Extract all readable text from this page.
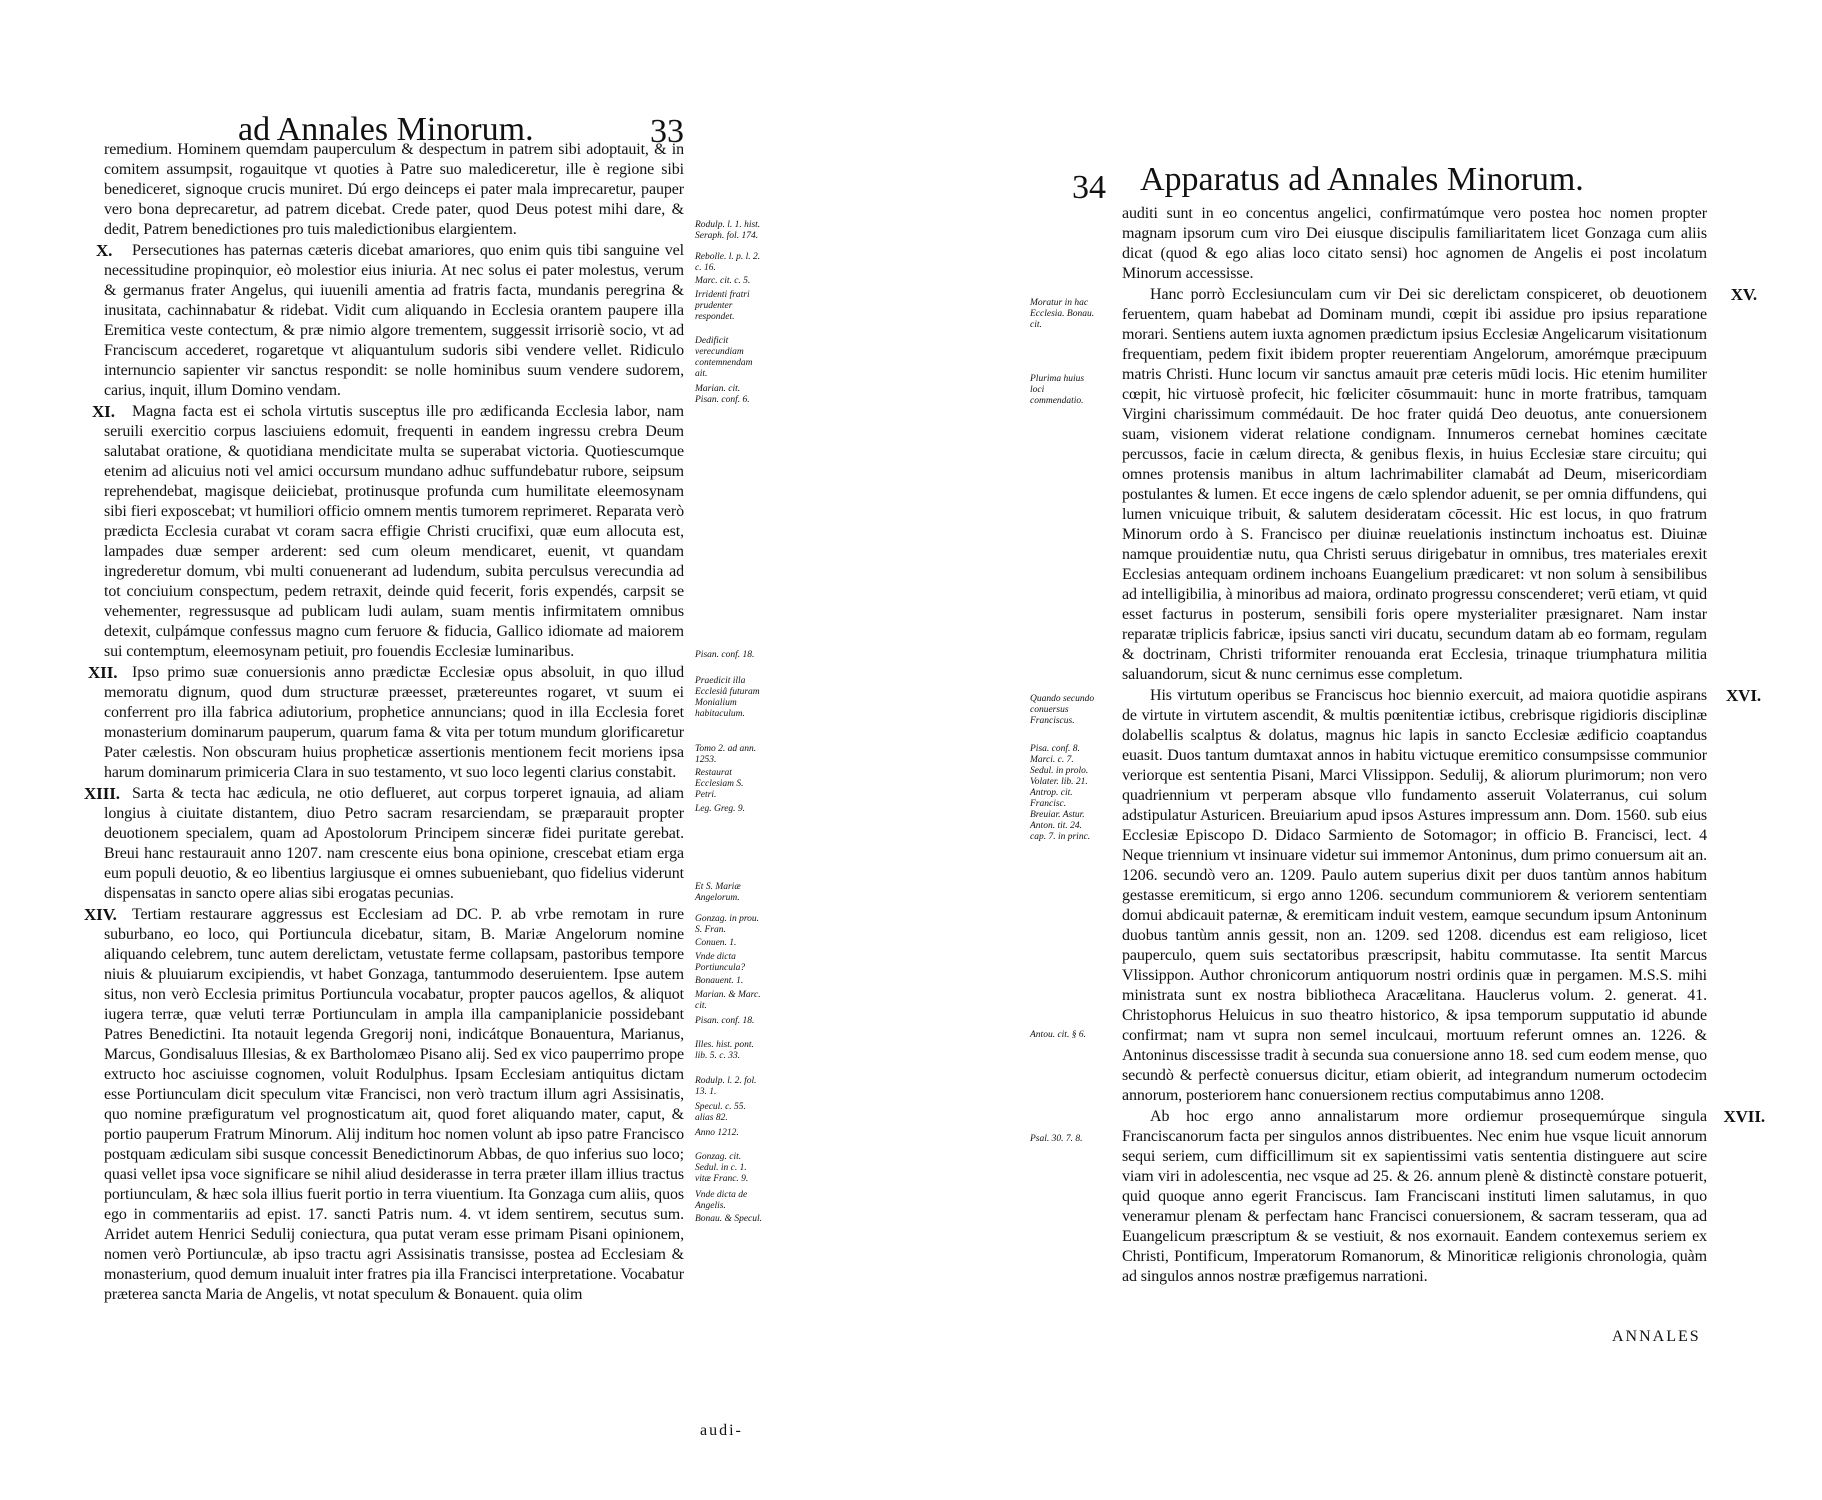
ad Annales Minorum.	33

remedium. Hominem quemdam pauperculum & despectum in patrem sibi adoptauit, & in comitem assumpsit, rogauitque vt quoties à Patre suo malediceretur, ille è regione sibi benediceret, signoque crucis muniret. Dú ergo deinceps ei pater mala imprecaretur, pauper vero bona deprecaretur, ad patrem dicebat. Crede pater, quod Deus potest mihi dare, & dedit, Patrem benedictiones pro tuis maledictionibus elargientem.

X. Persecutiones has paternas cæteris dicebat amariores, quo enim quis tibi sanguine vel necessitudine propinquior, eò molestior eius iniuria. At nec solus ei pater molestus, verum & germanus frater Angelus, qui iuuenili amentia ad fratris facta, mundanis peregrina & inusitata, cachinnabatur & ridebat. Vidit cum aliquando in Ecclesia orantem paupere illa Eremitica veste contectum, & præ nimio algore trementem, suggessit irrisoriè socio, vt ad Franciscum accederet, rogaretque vt aliquantulum sudoris sibi vendere vellet. Ridiculo internuncio sapienter vir sanctus respondit: se nolle hominibus suum vendere sudorem, carius, inquit, illum Domino vendam.

XI. Magna facta est ei schola virtutis susceptus ille pro ædificanda Ecclesia labor, nam seruili exercitio corpus lasciuiens edomuit, frequenti in eandem ingressu crebra Deum salutabat oratione, & quotidiana mendicitate multa se superabat victoria. Quotiescumque etenim ad alicuius noti vel amici occursum mundano adhuc suffundebatur rubore, seipsum reprehendebat, magisque deiiciebat, protinusque profunda cum humilitate eleemosynam sibi fieri exposcebat; vt humiliori officio omnem mentis tumorem reprimeret. Reparata verò prædicta Ecclesia curabat vt coram sacra effigie Christi crucifixi, quæ eum allocuta est, lampades duæ semper arderent: sed cum oleum mendicaret, euenit, vt quandam ingrederetur domum, vbi multi conuenerant ad ludendum, subita perculsus verecundia ad tot conciuium conspectum, pedem retraxit, deinde quid fecerit, foris expendés, carpsit se vehementer, regressusque ad publicam ludi aulam, suam mentis infirmitatem omnibus detexit, culpámque confessus magno cum feruore & fiducia, Gallico idiomate ad maiorem sui contemptum, eleemosynam petiuit, pro fouendis Ecclesiæ luminaribus.

XII. Ipso primo suæ conuersionis anno prædictæ Ecclesiæ opus absoluit, in quo illud memoratu dignum, quod dum structuræ præesset, prætereuntes rogaret, vt suum ei conferrent pro illa fabrica adiutorium, prophetice annuncians; quod in illa Ecclesia foret monasterium dominarum pauperum, quarum fama & vita per totum mundum glorificaretur Pater cælestis. Non obscuram huius propheticæ assertionis mentionem fecit moriens ipsa harum dominarum primiceria Clara in suo testamento, vt suo loco legenti clarius constabit.

XIII. Sarta & tecta hac ædicula, ne otio deflueret, aut corpus torperet ignauia, ad aliam longius à ciuitate distantem, diuo Petro sacram resarciendam, se præparauit propter deuotionem specialem, quam ad Apostolorum Principem sinceræ fidei puritate gerebat. Breui hanc restaurauit anno 1207. nam crescente eius bona opinione, crescebat etiam erga eum populi deuotio, & eo libentius largiusque ei omnes subueniebant, quo fidelius viderunt dispensatas in sancto opere alias sibi erogatas pecunias.

XIV. Tertiam restaurare aggressus est Ecclesiam ad DC. P. ab vrbe remotam in rure suburbano, eo loco, qui Portiuncula dicebatur, sitam, B. Mariæ Angelorum nomine aliquando celebrem, tunc autem derelictam, vetustate ferme collapsam, pastoribus tempore niuis & pluuiarum excipiendis, vt habet Gonzaga, tantummodo deseruientem. Ipse autem situs, non verò Ecclesia primitus Portiuncula vocabatur, propter paucos agellos, & aliquot iugera terræ, quæ veluti terræ Portiunculam in ampla illa campaniplanicie possidebant Patres Benedictini. Ita notauit legenda Gregorij noni, indicátque Bonauentura, Marianus, Marcus, Gondisaluus Illesias, & ex Bartholomæo Pisano alij. Sed ex vico pauperrimo prope extructo hoc asciuisse cognomen, voluit Rodulphus. Ipsam Ecclesiam antiquitus dictam esse Portiunculam dicit speculum vitæ Francisci, non verò tractum illum agri Assisinatis, quo nomine præfiguratum vel prognosticatum ait, quod foret aliquando mater, caput, & portio pauperum Fratrum Minorum. Alij inditum hoc nomen volunt ab ipso patre Francisco postquam ædiculam sibi susque concessit Benedictinorum Abbas, de quo inferius suo loco; quasi vellet ipsa voce significare se nihil aliud desiderasse in terra præter illam illius tractus portiunculam, & hæc sola illius fuerit portio in terra viuentium. Ita Gonzaga cum aliis, quos ego in commentariis ad epist. 17. sancti Patris num. 4. vt idem sentirem, secutus sum. Arridet autem Henrici Sedulij coniectura, qua putat veram esse primam Pisani opinionem, nomen verò Portiunculæ, ab ipso tractu agri Assisinatis transisse, postea ad Ecclesiam & monasterium, quod demum inualuit inter fratres pia illa Francisci interpretatione. Vocabatur præterea sancta Maria de Angelis, vt notat speculum & Bonauent. quia olim

Rodulp. l. 1. hist. Seraph. fol. 174.
Rebolle. l. p. l. 2. c. 16.
Marc. cit. c. 5.
Irridenti fratri prudenter respondet.
Dedificit verecundiam contemnendam ait.
Marian. cit. Pisan. conf. 6.
Pisan. conf. 18.
Praedicit illa Ecclesiâ futuram Monialium habitaculum.
Tomo 2. ad ann. 1253.
Restaurat Ecclesiam S. Petri.
Leg. Greg. 9.
Et S. Mariæ Angelorum.
Gonzag. in prou. S. Fran.
Conuen. 1.
Vnde dicta Portiuncula?
Bonauent. 1.
Marian. & Marc. cit.
Pisan. conf. 18.
Illes. hist. pont. lib. 5. c. 33.
Rodulp. l. 2. fol. 13. 1.
Specul. c. 55. alias 82.
Anno 1212.
Gonzag. cit. Sedul. in c. 1. vitæ Franc. 9.
Vnde dicta de Angelis.
Bonau. & Specul.
audi-
34 Apparatus ad Annales Minorum.

auditi sunt in eo concentus angelici, confirmatúmque vero postea hoc nomen propter magnam ipsorum cum viro Dei eiusque discipulis familiaritatem licet Gonzaga cum aliis dicat (quod & ego alias loco citato sensi) hoc agnomen de Angelis ei post incolatum Minorum accessisse.

XV.
Hanc porrò Ecclesiunculam cum vir Dei sic derelictam conspiceret, ob deuotionem feruentem, quam habebat ad Dominam mundi, cœpit ibi assidue pro ipsius reparatione morari. Sentiens autem iuxta agnomen prædictum ipsius Ecclesiæ Angelicarum visitationum frequentiam, pedem fixit ibidem propter reuerentiam Angelorum, amorémque præcipuum matris Christi. Hunc locum vir sanctus amauit præ ceteris mūdi locis. Hic etenim humiliter cœpit, hic virtuosè profecit, hic fœliciter cōsummauit: hunc in morte fratribus, tamquam Virgini charissimum commédauit. De hoc frater quidá Deo deuotus, ante conuersionem suam, visionem viderat relatione condignam. Innumeros cernebat homines cæcitate percussos, facie in cælum directa, & genibus flexis, in huius Ecclesiæ stare circuitu; qui omnes protensis manibus in altum lachrimabiliter clamabát ad Deum, misericordiam postulantes & lumen. Et ecce ingens de cælo splendor aduenit, se per omnia diffundens, qui lumen vnicuique tribuit, & salutem desideratam cōcessit. Hic est locus, in quo fratrum Minorum ordo à S. Francisco per diuinæ reuelationis instinctum inchoatus est. Diuinæ namque prouidentiæ nutu, qua Christi seruus dirigebatur in omnibus, tres materiales erexit Ecclesias antequam ordinem inchoans Euangelium prædicaret: vt non solum à sensibilibus ad intelligibilia, à minoribus ad maiora, ordinato progressu conscenderet; verū etiam, vt quid esset facturus in posterum, sensibili foris opere mysterialiter præsignaret. Nam instar reparatæ triplicis fabricæ, ipsius sancti viri ducatu, secundum datam ab eo formam, regulam & doctrinam, Christi triformiter renouanda erat Ecclesia, trinaque triumphatura militia saluandorum, sicut & nunc cernimus esse completum.

XVI.
His virtutum operibus se Franciscus hoc biennio exercuit, ad maiora quotidie aspirans de virtute in virtutem ascendit, & multis pœnitentiæ ictibus, crebrisque rigidioris disciplinæ dolabellis scalptus & dolatus, magnus hic lapis in sancto Ecclesiæ ædificio coaptandus euasit. Duos tantum dumtaxat annos in habitu victuque eremitico consumpsisse communior veriorque est sententia Pisani, Marci Vlissippon. Sedulij, & aliorum plurimorum; non vero quadriennium vt perperam absque vllo fundamento asseruit Volaterranus, cui solum adstipulatur Asturicen. Breuiarium apud ipsos Astures impressum ann. Dom. 1560. sub eius Ecclesiæ Episcopo D. Didaco Sarmiento de Sotomagor; in officio B. Francisci, lect. 4 Neque triennium vt insinuare videtur sui immemor Antoninus, dum primo conuersum ait an. 1206. secundò vero an. 1209. Paulo autem superius dixit per duos tantùm annos habitum gestasse eremiticum, si ergo anno 1206. secundum communiorem & veriorem sententiam domui abdicauit paternæ, & eremiticam induit vestem, eamque secundum ipsum Antoninum duobus tantùm annis gessit, non an. 1209. sed 1208. dicendus est eam religioso, licet pauperculo, quem suis sectatoribus præscripsit, habitu commutasse. Ita sentit Marcus Vlissippon. Author chronicorum antiquorum nostri ordinis quæ in pergamen. M.S.S. mihi ministrata sunt ex nostra bibliotheca Aracælitana. Hauclerus volum. 2. generat. 41. Christophorus Heluicus in suo theatro historico, & ipsa temporum supputatio id abunde confirmat; nam vt supra non semel inculcaui, mortuum referunt omnes an. 1226. & Antoninus discessisse tradit à secunda sua conuersione anno 18. sed cum eodem mense, quo secundò & perfectè conuersus dicitur, etiam obierit, ad integrandum numerum octodecim annorum, posteriorem hanc conuersionem rectius computabimus anno 1208.

XVII.
Ab hoc ergo anno annalistarum more ordiemur prosequemúrque singula Franciscanorum facta per singulos annos distribuentes. Nec enim hue vsque licuit annorum sequi seriem, cum difficillimum sit ex sapientissimi vatis sententia distinguere aut scire viam viri in adolescentia, nec vsque ad 25. & 26. annum plenè & distinctè constare potuerit, quid quoque anno egerit Franciscus. Iam Franciscani instituti limen salutamus, in quo veneramur plenam & perfectam hanc Francisci conuersionem, & sacram tesseram, qua ad Euangelicum præscriptum & se vestiuit, & nos exornauit. Eandem contexemus seriem ex Christi, Pontificum, Imperatorum Romanorum, & Minoriticæ religionis chronologia, quàm ad singulos annos nostræ præfigemus narrationi.

Moratur in hac Ecclesia. Bonau. cit.
Plurima huius loci commendatio.
Quando secundo conuersus Franciscus.
Pisa. conf. 8. Marci. c. 7. Sedul. in prolo. Volater. lib. 21. Antrop. cit. Francisc. Breuiar. Astur. Anton. tit. 24. cap. 7. in princ.
Antou. cit. § 6.
Psal. 30. 7. 8.
ANNALES
